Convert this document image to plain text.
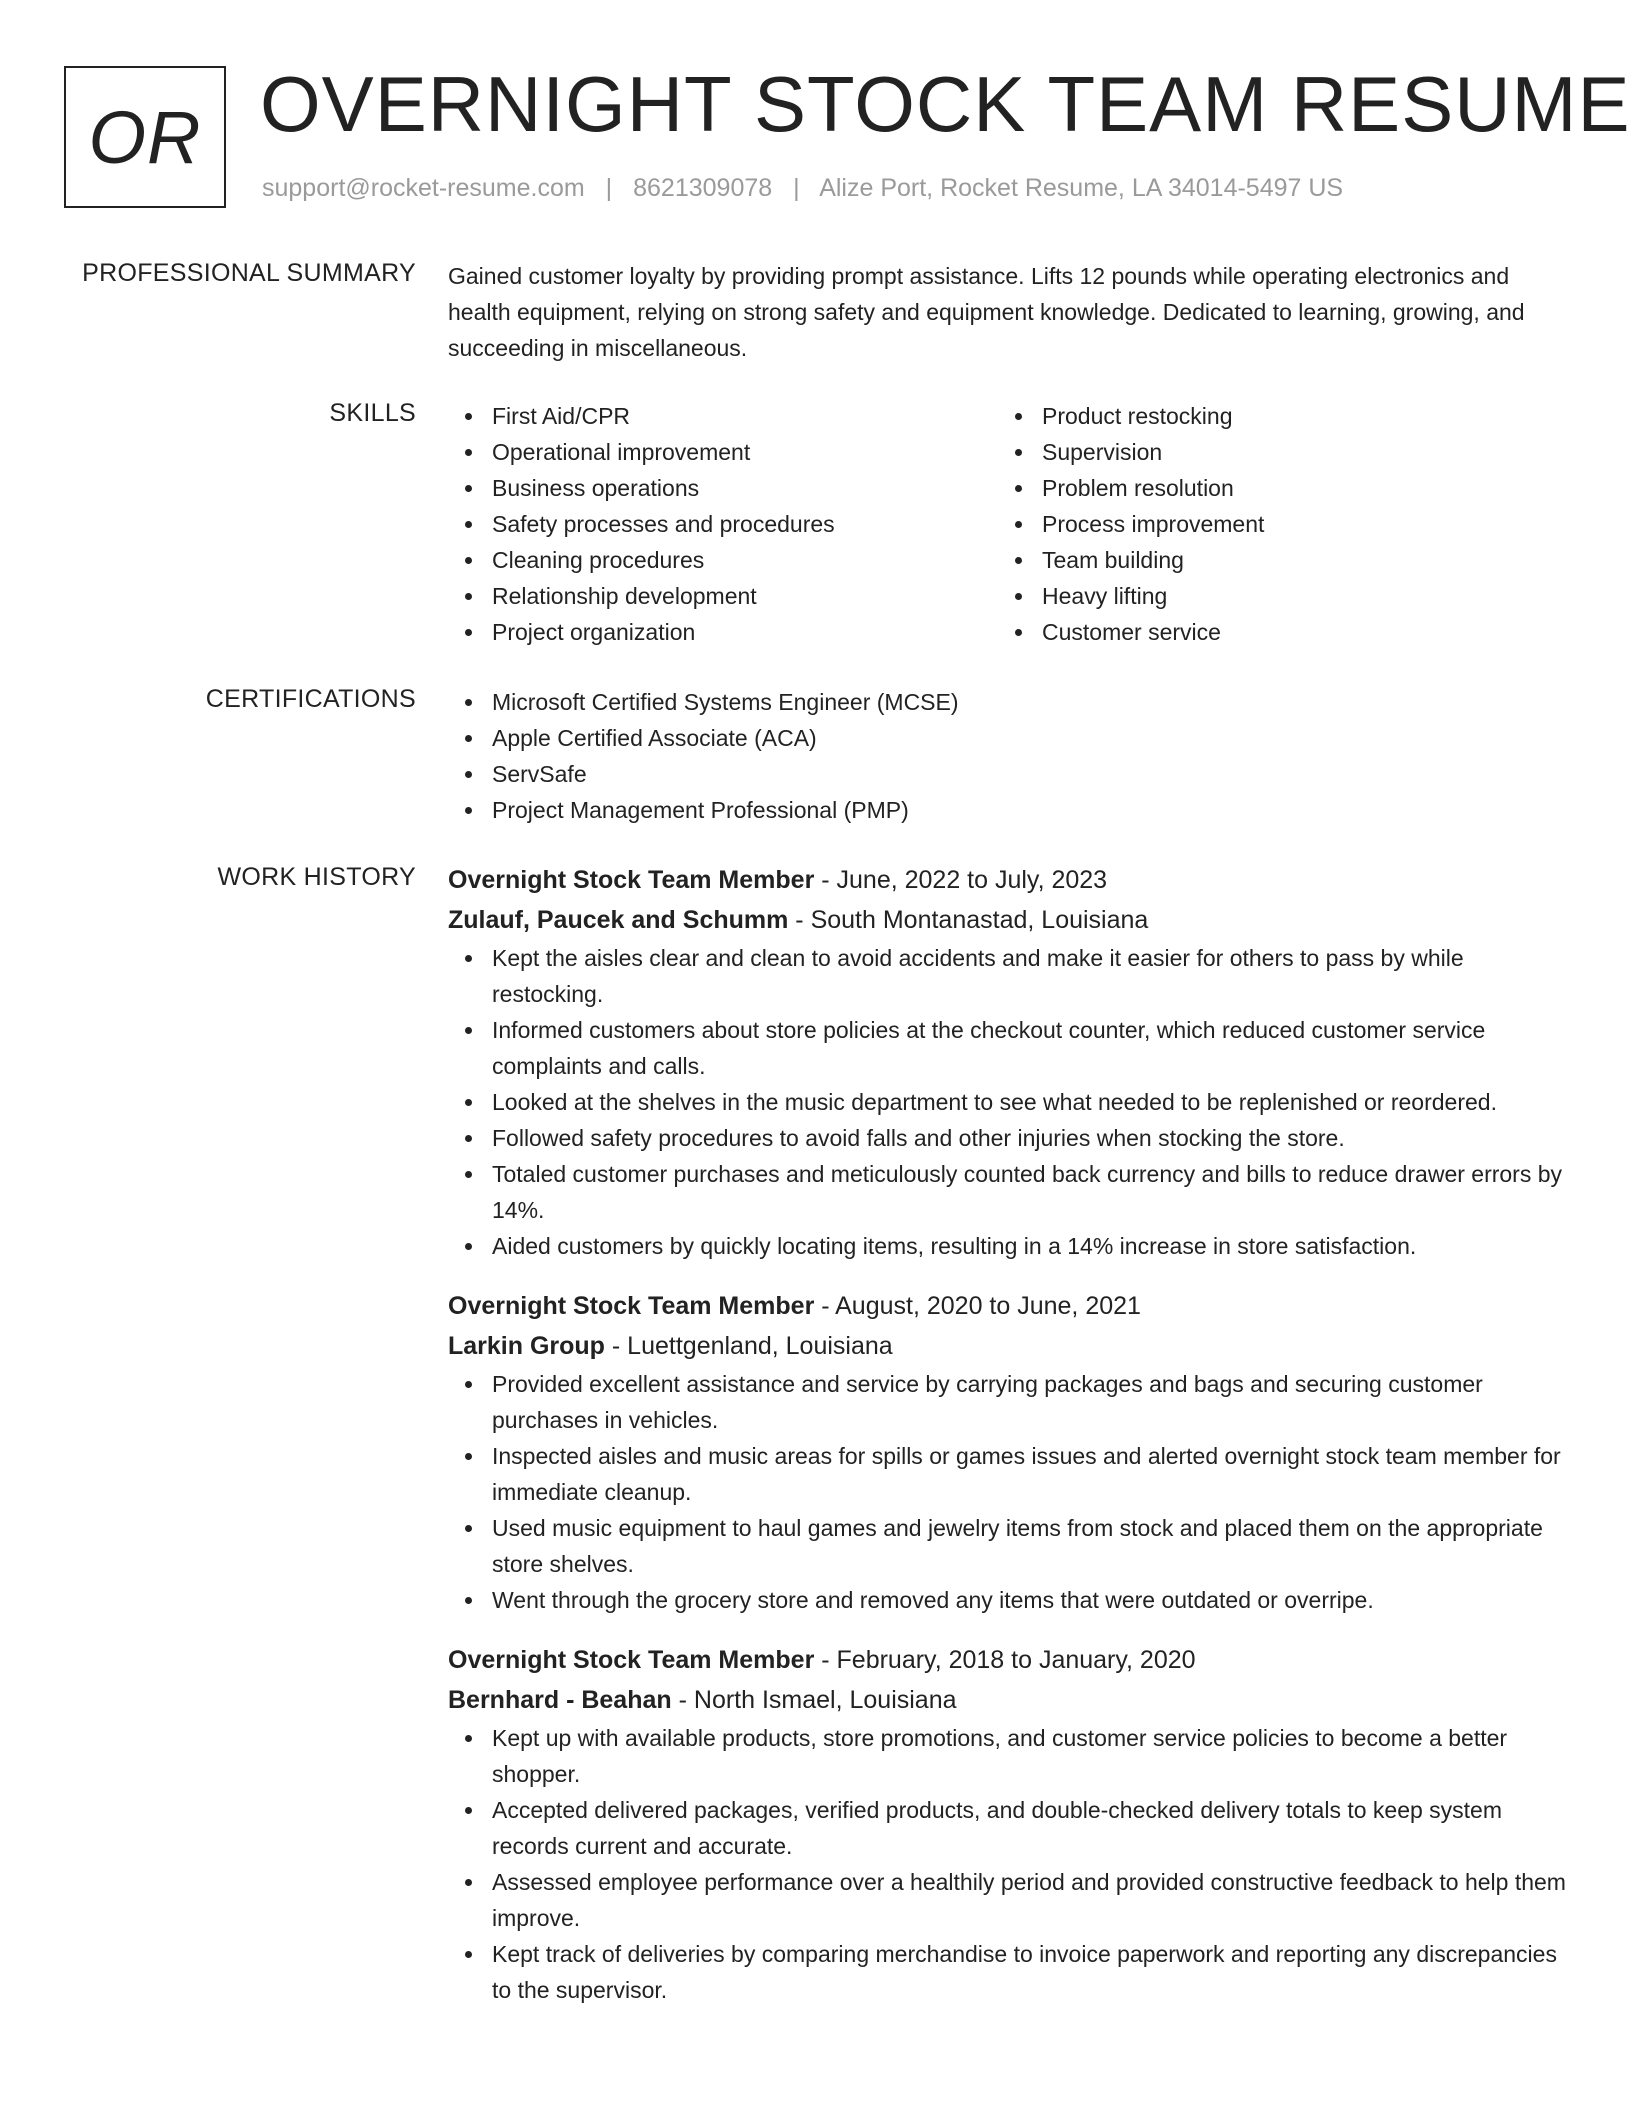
OR OVERNIGHT STOCK TEAM RESUME
support@rocket-resume.com | 8621309078 | Alize Port, Rocket Resume, LA 34014-5497 US
PROFESSIONAL SUMMARY Gained customer loyalty by providing prompt assistance. Lifts 12 pounds while operating electronics and health equipment, relying on strong safety and equipment knowledge. Dedicated to learning, growing, and succeeding in miscellaneous.
SKILLS	First Aid/CPR
Operational improvement
Business operations
Safety processes and procedures
Cleaning procedures
Relationship development
Project organization
Product restocking
Supervision
Problem resolution
Process improvement
Team building
Heavy lifting
Customer service
CERTIFICATIONS	Microsoft Certified Systems Engineer (MCSE)
Apple Certified Associate (ACA)
ServSafe
Project Management Professional (PMP)
WORK HISTORY Overnight Stock Team Member - June, 2022 to July, 2023
Zulauf, Paucek and Schumm - South Montanastad, Louisiana
Kept the aisles clear and clean to avoid accidents and make it easier for others to pass by while restocking.
Informed customers about store policies at the checkout counter, which reduced customer service complaints and calls.
Looked at the shelves in the music department to see what needed to be replenished or reordered.
Followed safety procedures to avoid falls and other injuries when stocking the store.
Totaled customer purchases and meticulously counted back currency and bills to reduce drawer errors by 14%.
Aided customers by quickly locating items, resulting in a 14% increase in store satisfaction.
Overnight Stock Team Member - August, 2020 to June, 2021
Larkin Group - Luettgenland, Louisiana
Provided excellent assistance and service by carrying packages and bags and securing customer purchases in vehicles.
Inspected aisles and music areas for spills or games issues and alerted overnight stock team member for immediate cleanup.
Used music equipment to haul games and jewelry items from stock and placed them on the appropriate store shelves.
Went through the grocery store and removed any items that were outdated or overripe.
Overnight Stock Team Member - February, 2018 to January, 2020
Bernhard - Beahan - North Ismael, Louisiana
Kept up with available products, store promotions, and customer service policies to become a better shopper.
Accepted delivered packages, verified products, and double-checked delivery totals to keep system records current and accurate.
Assessed employee performance over a healthily period and provided constructive feedback to help them improve.
Kept track of deliveries by comparing merchandise to invoice paperwork and reporting any discrepancies to the supervisor.
